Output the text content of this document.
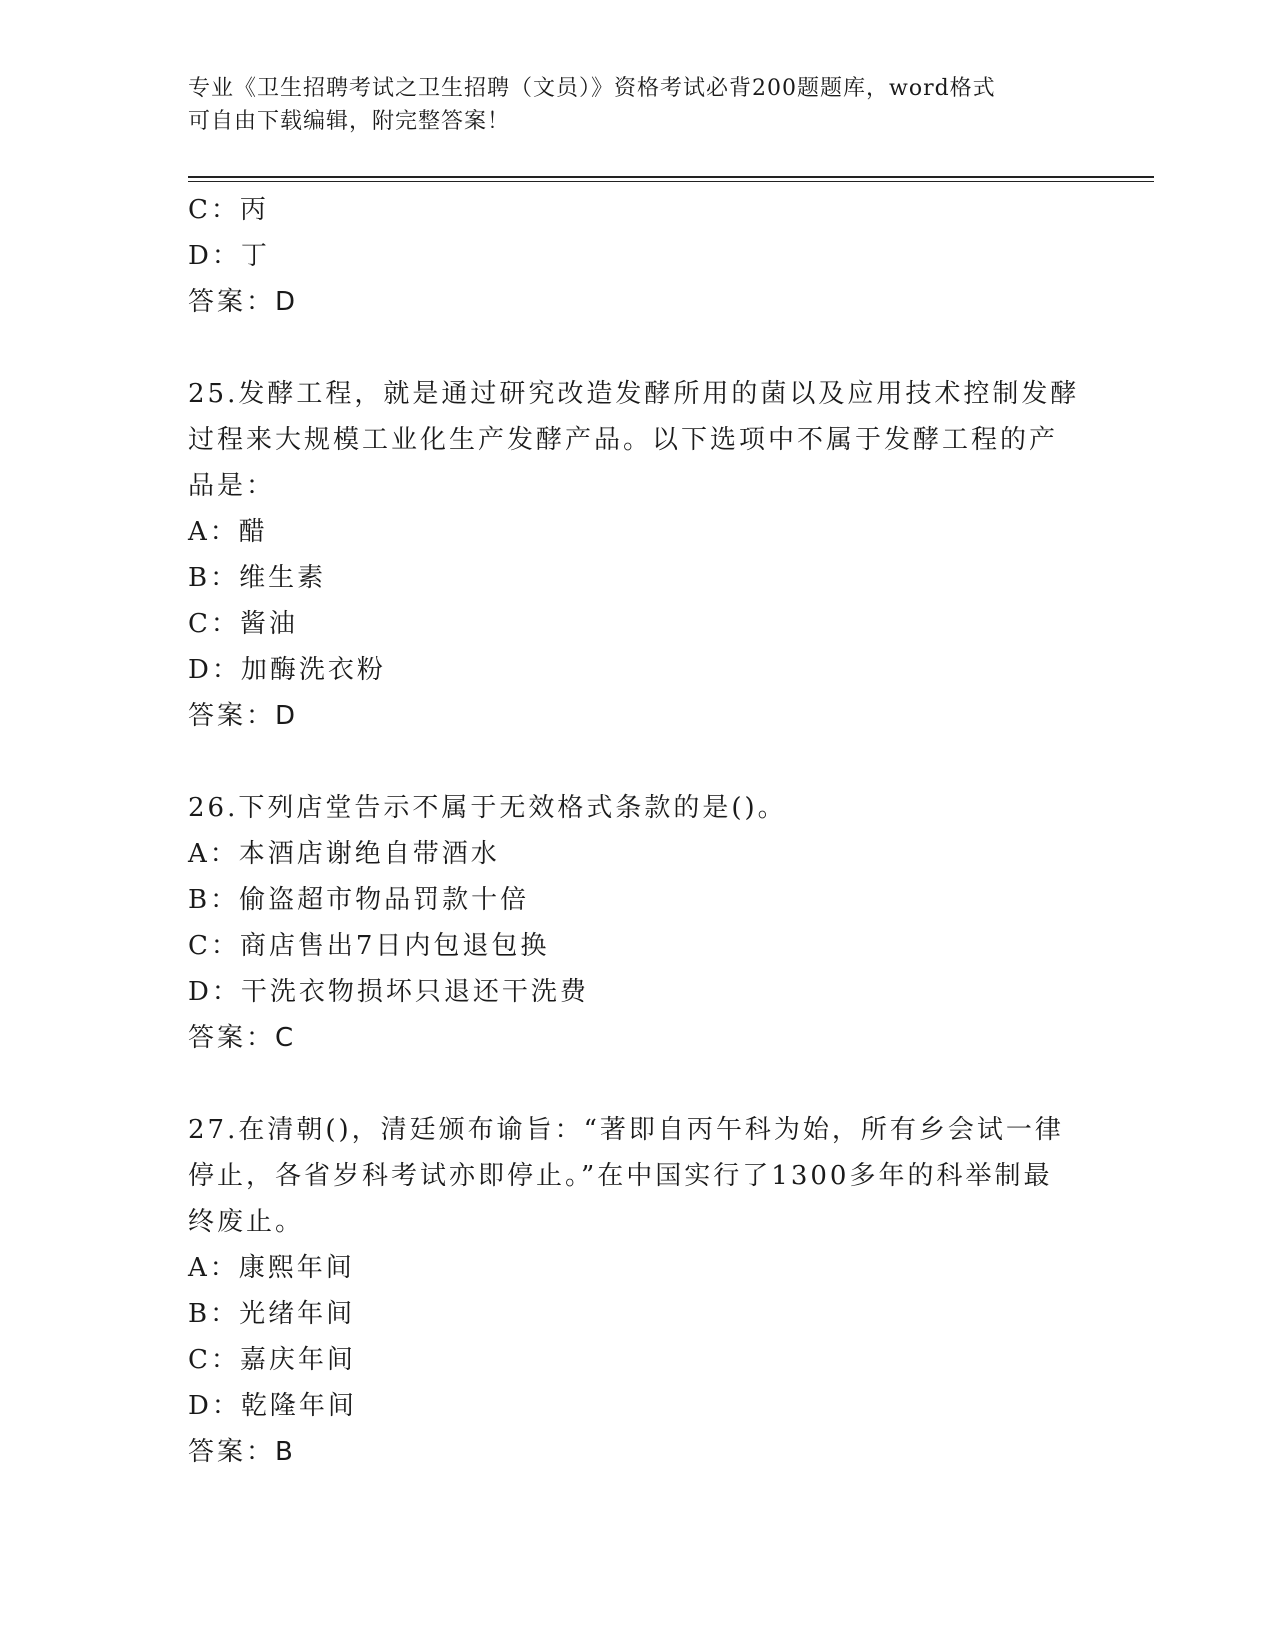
专业《卫生招聘考试之卫生招聘（文员）》资格考试必背200题题库，word格式
可自由下载编辑，附完整答案！
C：丙
D：丁
答案：D
25.发酵工程，就是通过研究改造发酵所用的菌以及应用技术控制发酵
过程来大规模工业化生产发酵产品。以下选项中不属于发酵工程的产
品是：
A：醋
B：维生素
C：酱油
D：加酶洗衣粉
答案：D
26.下列店堂告示不属于无效格式条款的是()。
A：本酒店谢绝自带酒水
B：偷盗超市物品罚款十倍
C：商店售出7日内包退包换
D：干洗衣物损坏只退还干洗费
答案：C
27.在清朝()，清廷颁布谕旨：“著即自丙午科为始，所有乡会试一律
停止，各省岁科考试亦即停止。”在中国实行了1300多年的科举制最
终废止。
A：康熙年间
B：光绪年间
C：嘉庆年间
D：乾隆年间
答案：B
